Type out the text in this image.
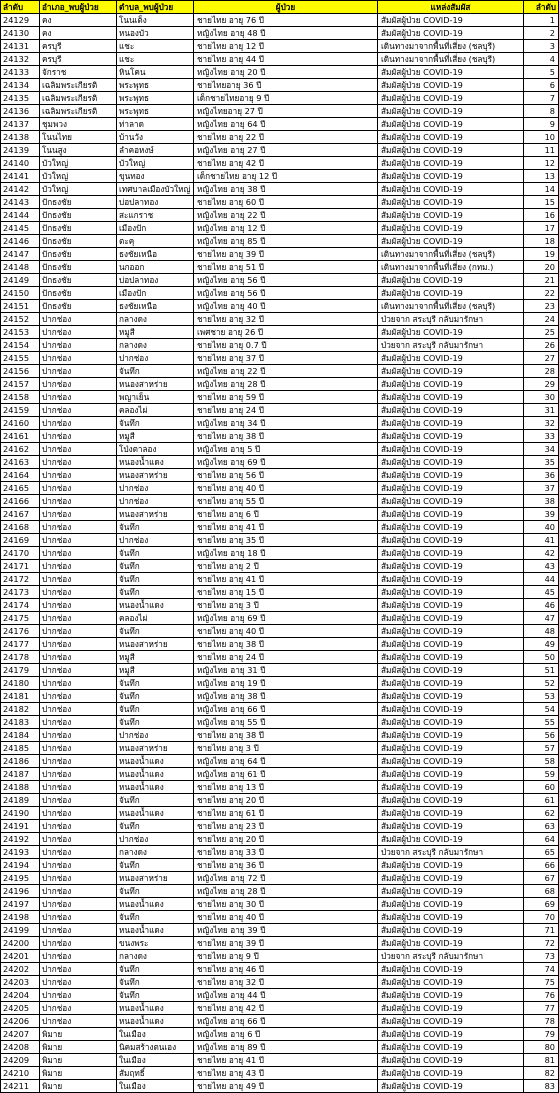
ลำดับ	อำเภอ_พบผู้ป่วย	ตำบล_พบผู้ป่วย	ผู้ป่วย	แหล่งสัมผัส	ลำดับ
24129	คง	โนนเต็ง	ชายไทย อายุ 76 ปี	สัมผัสผู้ป่วย COVID-19	1
24130	คง	หนองบัว	หญิงไทย อายุ 48 ปี	สัมผัสผู้ป่วย COVID-19	2
24131	ครบุรี	แชะ	ชายไทย อายุ 12 ปี	เดินทางมาจากพื้นที่เสี่ยง (ชลบุรี)	3
24132	ครบุรี	แชะ	ชายไทย อายุ 44 ปี	เดินทางมาจากพื้นที่เสี่ยง (ชลบุรี)	4
24133	จักราช	หินโคน	หญิงไทย อายุ 20 ปี	สัมผัสผู้ป่วย COVID-19	5
24134	เฉลิมพระเกียรติ	พระพุทธ	ชายไทยอายุ 36 ปี	สัมผัสผู้ป่วย COVID-19	6
24135	เฉลิมพระเกียรติ	พระพุทธ	เด็กชายไทยอายุ 9 ปี	สัมผัสผู้ป่วย COVID-19	7
24136	เฉลิมพระเกียรติ	พระพุทธ	หญิงไทยอายุ 27 ปี	สัมผัสผู้ป่วย COVID-19	8
24137	ชุมพวง	ท่าลาด	หญิงไทย อายุ 64 ปี	สัมผัสผู้ป่วย COVID-19	9
24138	โนนไทย	บ้านวัง	ชายไทย อายุ 22 ปี	สัมผัสผู้ป่วย COVID-19	10
24139	โนนสูง	ลำคอหงษ์	หญิงไทย อายุ 27 ปี	สัมผัสผู้ป่วย COVID-19	11
24140	บัวใหญ่	บัวใหญ่	ชายไทย อายุ 42 ปี	สัมผัสผู้ป่วย COVID-19	12
24141	บัวใหญ่	ขุนทอง	เด็กชายไทย อายุ 12 ปี	สัมผัสผู้ป่วย COVID-19	13
24142	บัวใหญ่	เทศบาลเมืองบัวใหญ่	หญิงไทย อายุ 38 ปี	สัมผัสผู้ป่วย COVID-19	14
24143	ปักธงชัย	บ่อปลาทอง	ชายไทย อายุ 60 ปี	สัมผัสผู้ป่วย COVID-19	15
24144	ปักธงชัย	สะแกราช	หญิงไทย อายุ 22 ปี	สัมผัสผู้ป่วย COVID-19	16
24145	ปักธงชัย	เมืองปัก	หญิงไทย อายุ 12 ปี	สัมผัสผู้ป่วย COVID-19	17
24146	ปักธงชัย	ตะคุ	หญิงไทย อายุ 85 ปี	สัมผัสผู้ป่วย COVID-19	18
24147	ปักธงชัย	ธงชัยเหนือ	ชายไทย อายุ 39 ปี	เดินทางมาจากพื้นที่เสี่ยง (ชลบุรี)	19
24148	ปักธงชัย	นกออก	ชายไทย อายุ 51 ปี	เดินทางมาจากพื้นที่เสี่ยง (กทม.)	20
24149	ปักธงชัย	บ่อปลาทอง	หญิงไทย อายุ 56 ปี	สัมผัสผู้ป่วย COVID-19	21
24150	ปักธงชัย	เมืองปัก	หญิงไทย อายุ 56 ปี	สัมผัสผู้ป่วย COVID-19	22
24151	ปักธงชัย	ธงชัยเหนือ	หญิงไทย อายุ 40 ปี	เดินทางมาจากพื้นที่เสี่ยง (ชลบุรี)	23
24152	ปากช่อง	กลางดง	ชายไทย อายุ 32 ปี	ป่วยจาก สระบุรี กลับมารักษา	24
24153	ปากช่อง	หมูสี	เพศชาย อายุ 26 ปี	สัมผัสผู้ป่วย COVID-19	25
24154	ปากช่อง	กลางดง	ชายไทย อายุ 0.7 ปี	ป่วยจาก สระบุรี กลับมารักษา	26
24155	ปากช่อง	ปากช่อง	ชายไทย อายุ 37 ปี	สัมผัสผู้ป่วย COVID-19	27
24156	ปากช่อง	จันทึก	หญิงไทย อายุ 22 ปี	สัมผัสผู้ป่วย COVID-19	28
24157	ปากช่อง	หนองสาหร่าย	หญิงไทย อายุ 28 ปี	สัมผัสผู้ป่วย COVID-19	29
24158	ปากช่อง	พญาเย็น	ชายไทย อายุ 59 ปี	สัมผัสผู้ป่วย COVID-19	30
24159	ปากช่อง	คลองไผ่	ชายไทย อายุ 24 ปี	สัมผัสผู้ป่วย COVID-19	31
24160	ปากช่อง	จันทึก	หญิงไทย อายุ 34 ปี	สัมผัสผู้ป่วย COVID-19	32
24161	ปากช่อง	หมูสี	ชายไทย อายุ 38 ปี	สัมผัสผู้ป่วย COVID-19	33
24162	ปากช่อง	โป่งตาลอง	หญิงไทย อายุ 5 ปี	สัมผัสผู้ป่วย COVID-19	34
24163	ปากช่อง	หนองน้ำแดง	หญิงไทย อายุ 69 ปี	สัมผัสผู้ป่วย COVID-19	35
24164	ปากช่อง	หนองสาหร่าย	ชายไทย อายุ 56 ปี	สัมผัสผู้ป่วย COVID-19	36
24165	ปากช่อง	ปากช่อง	ชายไทย อายุ 40 ปี	สัมผัสผู้ป่วย COVID-19	37
24166	ปากช่อง	ปากช่อง	ชายไทย อายุ 55 ปี	สัมผัสผู้ป่วย COVID-19	38
24167	ปากช่อง	หนองสาหร่าย	ชายไทย อายุ 6 ปี	สัมผัสผู้ป่วย COVID-19	39
24168	ปากช่อง	จันทึก	ชายไทย อายุ 41 ปี	สัมผัสผู้ป่วย COVID-19	40
24169	ปากช่อง	ปากช่อง	ชายไทย อายุ 35 ปี	สัมผัสผู้ป่วย COVID-19	41
24170	ปากช่อง	จันทึก	หญิงไทย อายุ 18 ปี	สัมผัสผู้ป่วย COVID-19	42
24171	ปากช่อง	จันทึก	ชายไทย อายุ 2 ปี	สัมผัสผู้ป่วย COVID-19	43
24172	ปากช่อง	จันทึก	ชายไทย อายุ 41 ปี	สัมผัสผู้ป่วย COVID-19	44
24173	ปากช่อง	จันทึก	ชายไทย อายุ 15 ปี	สัมผัสผู้ป่วย COVID-19	45
24174	ปากช่อง	หนองน้ำแดง	ชายไทย อายุ 3 ปี	สัมผัสผู้ป่วย COVID-19	46
24175	ปากช่อง	คลองไผ่	หญิงไทย อายุ 69 ปี	สัมผัสผู้ป่วย COVID-19	47
24176	ปากช่อง	จันทึก	ชายไทย อายุ 40 ปี	สัมผัสผู้ป่วย COVID-19	48
24177	ปากช่อง	หนองสาหร่าย	ชายไทย อายุ 38 ปี	สัมผัสผู้ป่วย COVID-19	49
24178	ปากช่อง	หมูสี	ชายไทย อายุ 24 ปี	สัมผัสผู้ป่วย COVID-19	50
24179	ปากช่อง	หมูสี	หญิงไทย อายุ 31 ปี	สัมผัสผู้ป่วย COVID-19	51
24180	ปากช่อง	จันทึก	หญิงไทย อายุ 19 ปี	สัมผัสผู้ป่วย COVID-19	52
24181	ปากช่อง	จันทึก	หญิงไทย อายุ 38 ปี	สัมผัสผู้ป่วย COVID-19	53
24182	ปากช่อง	จันทึก	หญิงไทย อายุ 66 ปี	สัมผัสผู้ป่วย COVID-19	54
24183	ปากช่อง	จันทึก	หญิงไทย อายุ 55 ปี	สัมผัสผู้ป่วย COVID-19	55
24184	ปากช่อง	ปากช่อง	ชายไทย อายุ 38 ปี	สัมผัสผู้ป่วย COVID-19	56
24185	ปากช่อง	หนองสาหร่าย	ชายไทย อายุ 3 ปี	สัมผัสผู้ป่วย COVID-19	57
24186	ปากช่อง	หนองน้ำแดง	หญิงไทย อายุ 64 ปี	สัมผัสผู้ป่วย COVID-19	58
24187	ปากช่อง	หนองน้ำแดง	หญิงไทย อายุ 61 ปี	สัมผัสผู้ป่วย COVID-19	59
24188	ปากช่อง	หนองน้ำแดง	ชายไทย อายุ 13 ปี	สัมผัสผู้ป่วย COVID-19	60
24189	ปากช่อง	จันทึก	ชายไทย อายุ 20 ปี	สัมผัสผู้ป่วย COVID-19	61
24190	ปากช่อง	หนองน้ำแดง	ชายไทย อายุ 61 ปี	สัมผัสผู้ป่วย COVID-19	62
24191	ปากช่อง	จันทึก	ชายไทย อายุ 23 ปี	สัมผัสผู้ป่วย COVID-19	63
24192	ปากช่อง	ปากช่อง	ชายไทย อายุ 20 ปี	สัมผัสผู้ป่วย COVID-19	64
24193	ปากช่อง	กลางดง	ชายไทย อายุ 33 ปี	ป่วยจาก สระบุรี กลับมารักษา	65
24194	ปากช่อง	จันทึก	ชายไทย อายุ 36 ปี	สัมผัสผู้ป่วย COVID-19	66
24195	ปากช่อง	หนองสาหร่าย	หญิงไทย อายุ 72 ปี	สัมผัสผู้ป่วย COVID-19	67
24196	ปากช่อง	จันทึก	หญิงไทย อายุ 28 ปี	สัมผัสผู้ป่วย COVID-19	68
24197	ปากช่อง	หนองน้ำแดง	ชายไทย อายุ 30 ปี	สัมผัสผู้ป่วย COVID-19	69
24198	ปากช่อง	จันทึก	ชายไทย อายุ 40 ปี	สัมผัสผู้ป่วย COVID-19	70
24199	ปากช่อง	หนองน้ำแดง	หญิงไทย อายุ 39 ปี	สัมผัสผู้ป่วย COVID-19	71
24200	ปากช่อง	ขนงพระ	ชายไทย อายุ 39 ปี	สัมผัสผู้ป่วย COVID-19	72
24201	ปากช่อง	กลางดง	ชายไทย อายุ 9 ปี	ป่วยจาก สระบุรี กลับมารักษา	73
24202	ปากช่อง	จันทึก	ชายไทย อายุ 46 ปี	สัมผัสผู้ป่วย COVID-19	74
24203	ปากช่อง	จันทึก	ชายไทย อายุ 32 ปี	สัมผัสผู้ป่วย COVID-19	75
24204	ปากช่อง	จันทึก	หญิงไทย อายุ 44 ปี	สัมผัสผู้ป่วย COVID-19	76
24205	ปากช่อง	หนองน้ำแดง	ชายไทย อายุ 42 ปี	สัมผัสผู้ป่วย COVID-19	77
24206	ปากช่อง	หนองน้ำแดง	หญิงไทย อายุ 66 ปี	สัมผัสผู้ป่วย COVID-19	78
24207	พิมาย	ในเมือง	หญิงไทย อายุ 6 ปี	สัมผัสผู้ป่วย COVID-19	79
24208	พิมาย	นิคมสร้างตนเอง	หญิงไทย อายุ 89 ปี	สัมผัสผู้ป่วย COVID-19	80
24209	พิมาย	ในเมือง	ชายไทย อายุ 41 ปี	สัมผัสผู้ป่วย COVID-19	81
24210	พิมาย	สัมฤทธิ์	ชายไทย อายุ 43 ปี	สัมผัสผู้ป่วย COVID-19	82
24211	พิมาย	ในเมือง	ชายไทย อายุ 49 ปี	สัมผัสผู้ป่วย COVID-19	83
